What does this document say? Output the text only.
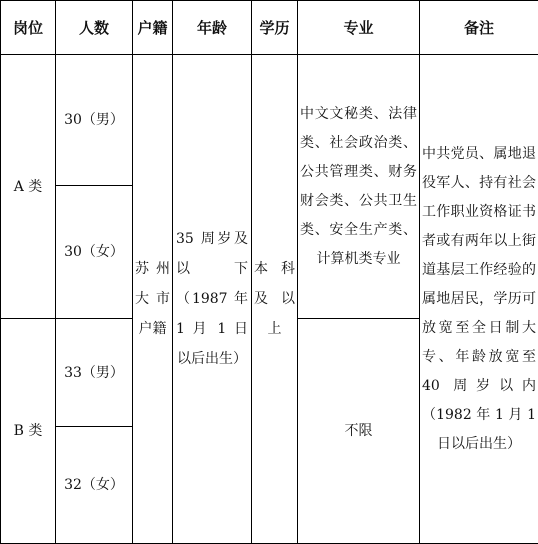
岗位	人数	户籍	年龄	学历	专业	备注

A 类	30（男）	苏州大市户籍	35 周岁及以下（1987 年 1 月 1 日以后出生）	本科及以上	中文文秘类、法律类、社会政治类、公共管理类、财务财会类、公共卫生类、安全生产类、计算机类专业	中共党员、属地退役军人、持有社会工作职业资格证书者或有两年以上街道基层工作经验的属地居民，学历可放宽至全日制大专、年龄放宽至 40 周岁以内（1982 年 1 月 1 日以后出生）

	30（女）					

B 类	33（男）				不限	

	32（女）					
